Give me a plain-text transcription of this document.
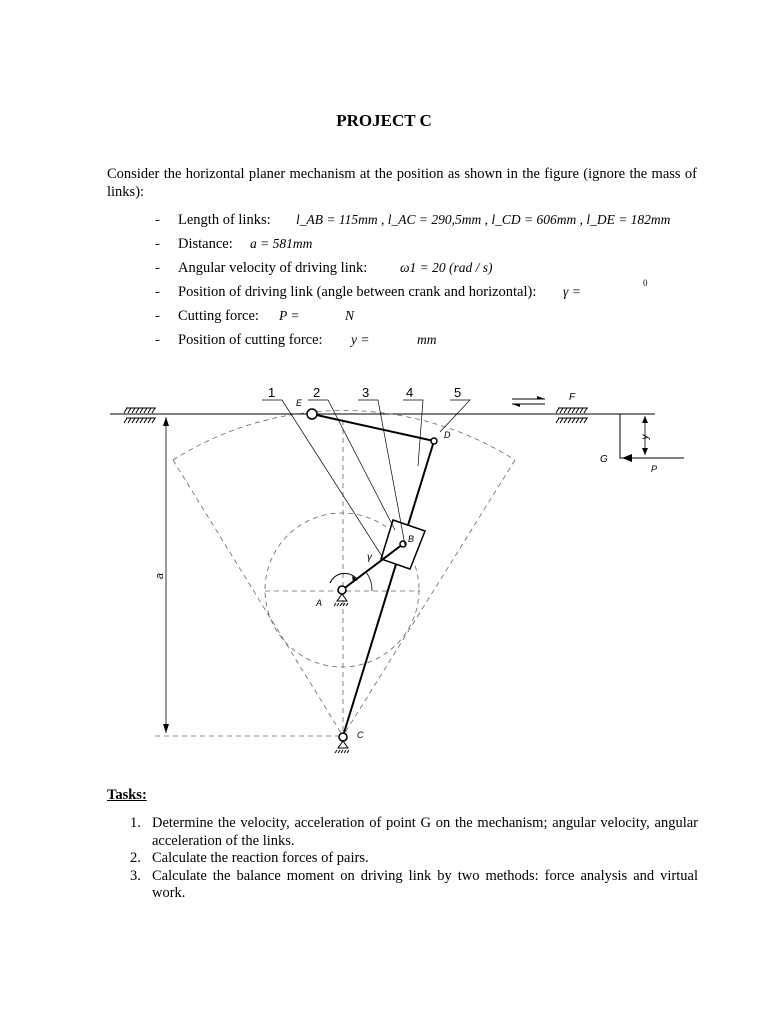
PROJECT C
Consider the horizontal planer mechanism at the position as shown in the figure (ignore the mass of links):
- Length of links: l_AB = 115mm , l_AC = 290,5mm , l_CD = 606mm , l_DE = 182mm
- Distance: a = 581mm
- Angular velocity of driving link: ω1 = 20 (rad / s)
- Position of driving link (angle between crank and horizontal): γ =
0
- Cutting force: P =	N
- Position of cutting force: y =	mm
a
γ
1	2	3	4	5
E
D
B
A
C
F
G
P
y
Tasks:
1. Determine the velocity, acceleration of point G on the mechanism; angular velocity, angular acceleration of the links.
2. Calculate the reaction forces of pairs.
3. Calculate the balance moment on driving link by two methods: force analysis and virtual work.
